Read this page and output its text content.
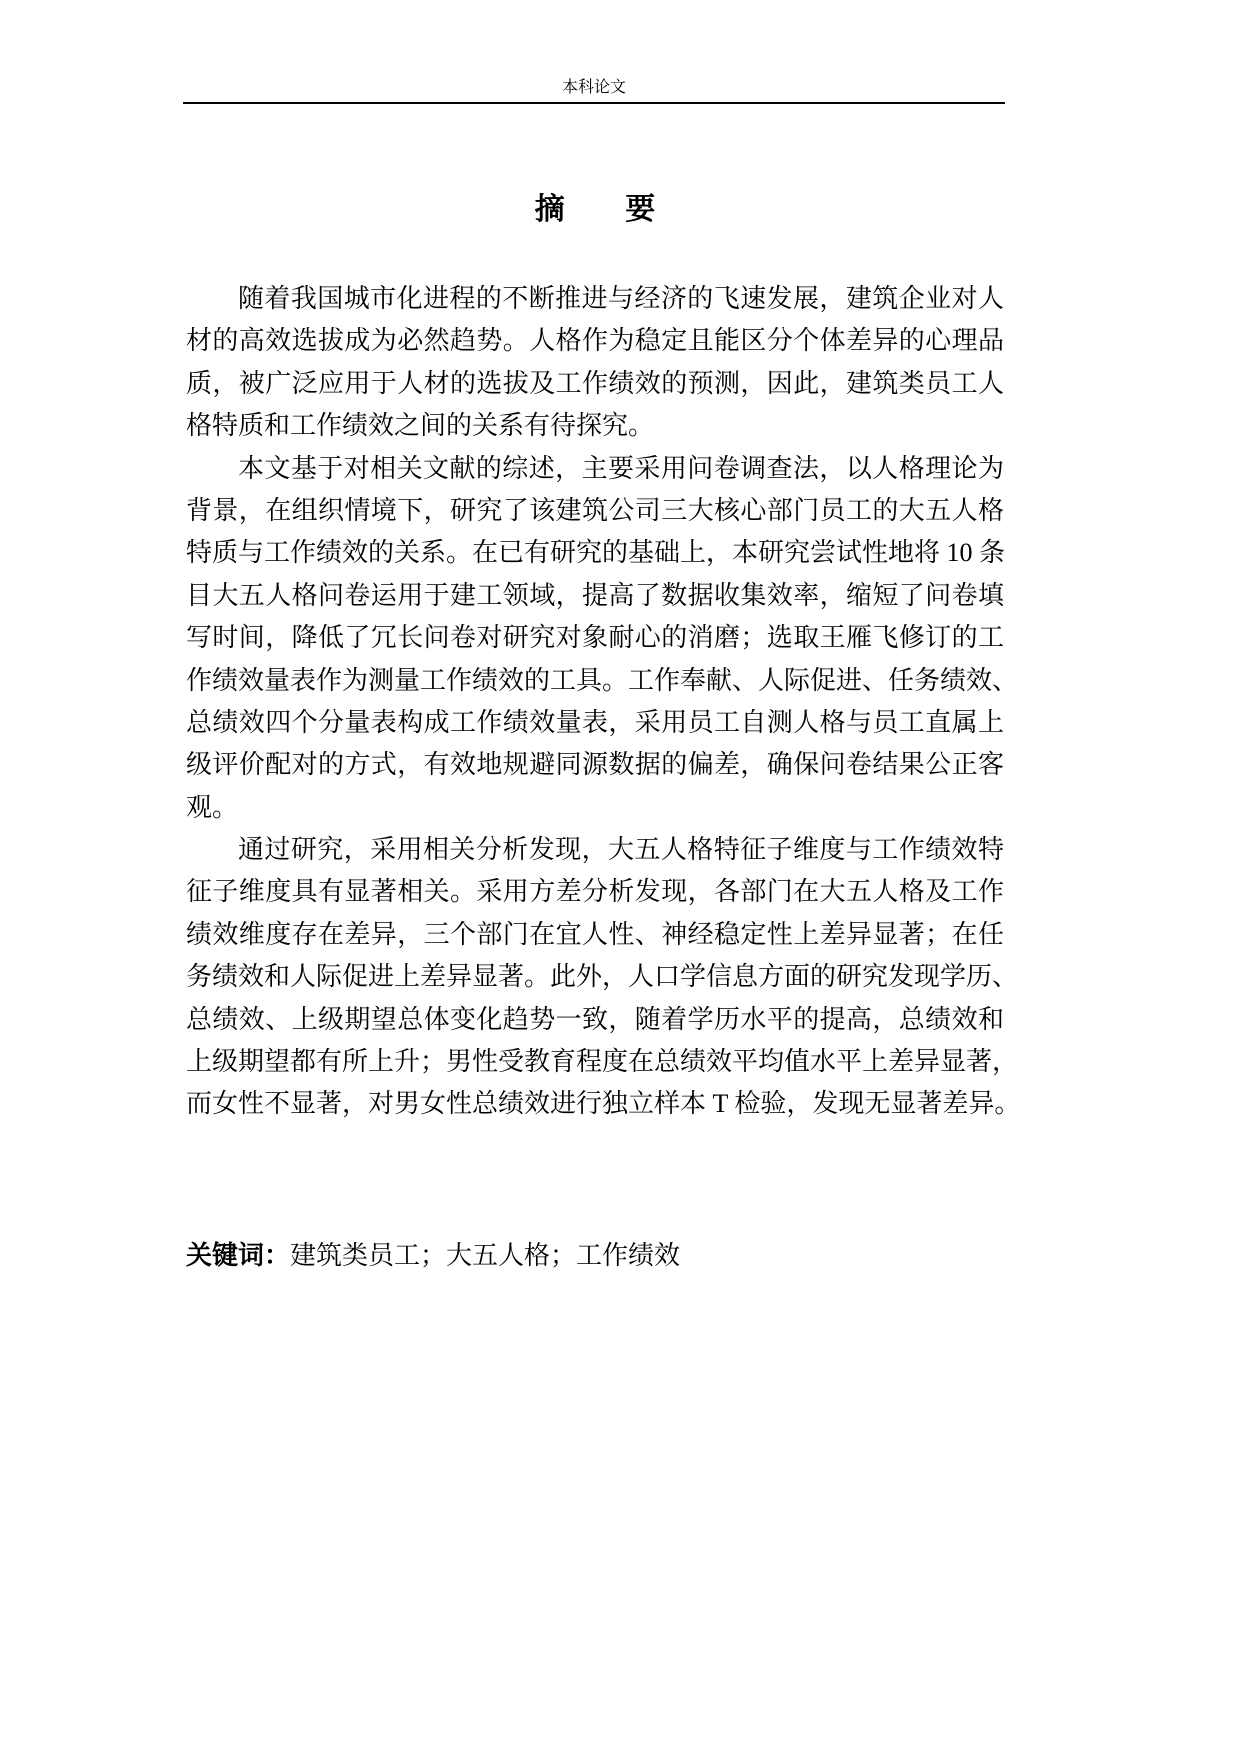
本科论文
摘 要
随着我国城市化进程的不断推进与经济的飞速发展，建筑企业对人
材的高效选拔成为必然趋势。人格作为稳定且能区分个体差异的心理品
质，被广泛应用于人材的选拔及工作绩效的预测，因此，建筑类员工人
格特质和工作绩效之间的关系有待探究。
本文基于对相关文献的综述，主要采用问卷调查法，以人格理论为
背景，在组织情境下，研究了该建筑公司三大核心部门员工的大五人格
特质与工作绩效的关系。在已有研究的基础上，本研究尝试性地将 10 条
目大五人格问卷运用于建工领域，提高了数据收集效率，缩短了问卷填
写时间，降低了冗长问卷对研究对象耐心的消磨；选取王雁飞修订的工
作绩效量表作为测量工作绩效的工具。工作奉献、人际促进、任务绩效、
总绩效四个分量表构成工作绩效量表，采用员工自测人格与员工直属上
级评价配对的方式，有效地规避同源数据的偏差，确保问卷结果公正客
观。
通过研究，采用相关分析发现，大五人格特征子维度与工作绩效特
征子维度具有显著相关。采用方差分析发现，各部门在大五人格及工作
绩效维度存在差异，三个部门在宜人性、神经稳定性上差异显著；在任
务绩效和人际促进上差异显著。此外，人口学信息方面的研究发现学历、
总绩效、上级期望总体变化趋势一致，随着学历水平的提高，总绩效和
上级期望都有所上升；男性受教育程度在总绩效平均值水平上差异显著，
而女性不显著，对男女性总绩效进行独立样本 T 检验，发现无显著差异。
关键词：建筑类员工；大五人格；工作绩效
